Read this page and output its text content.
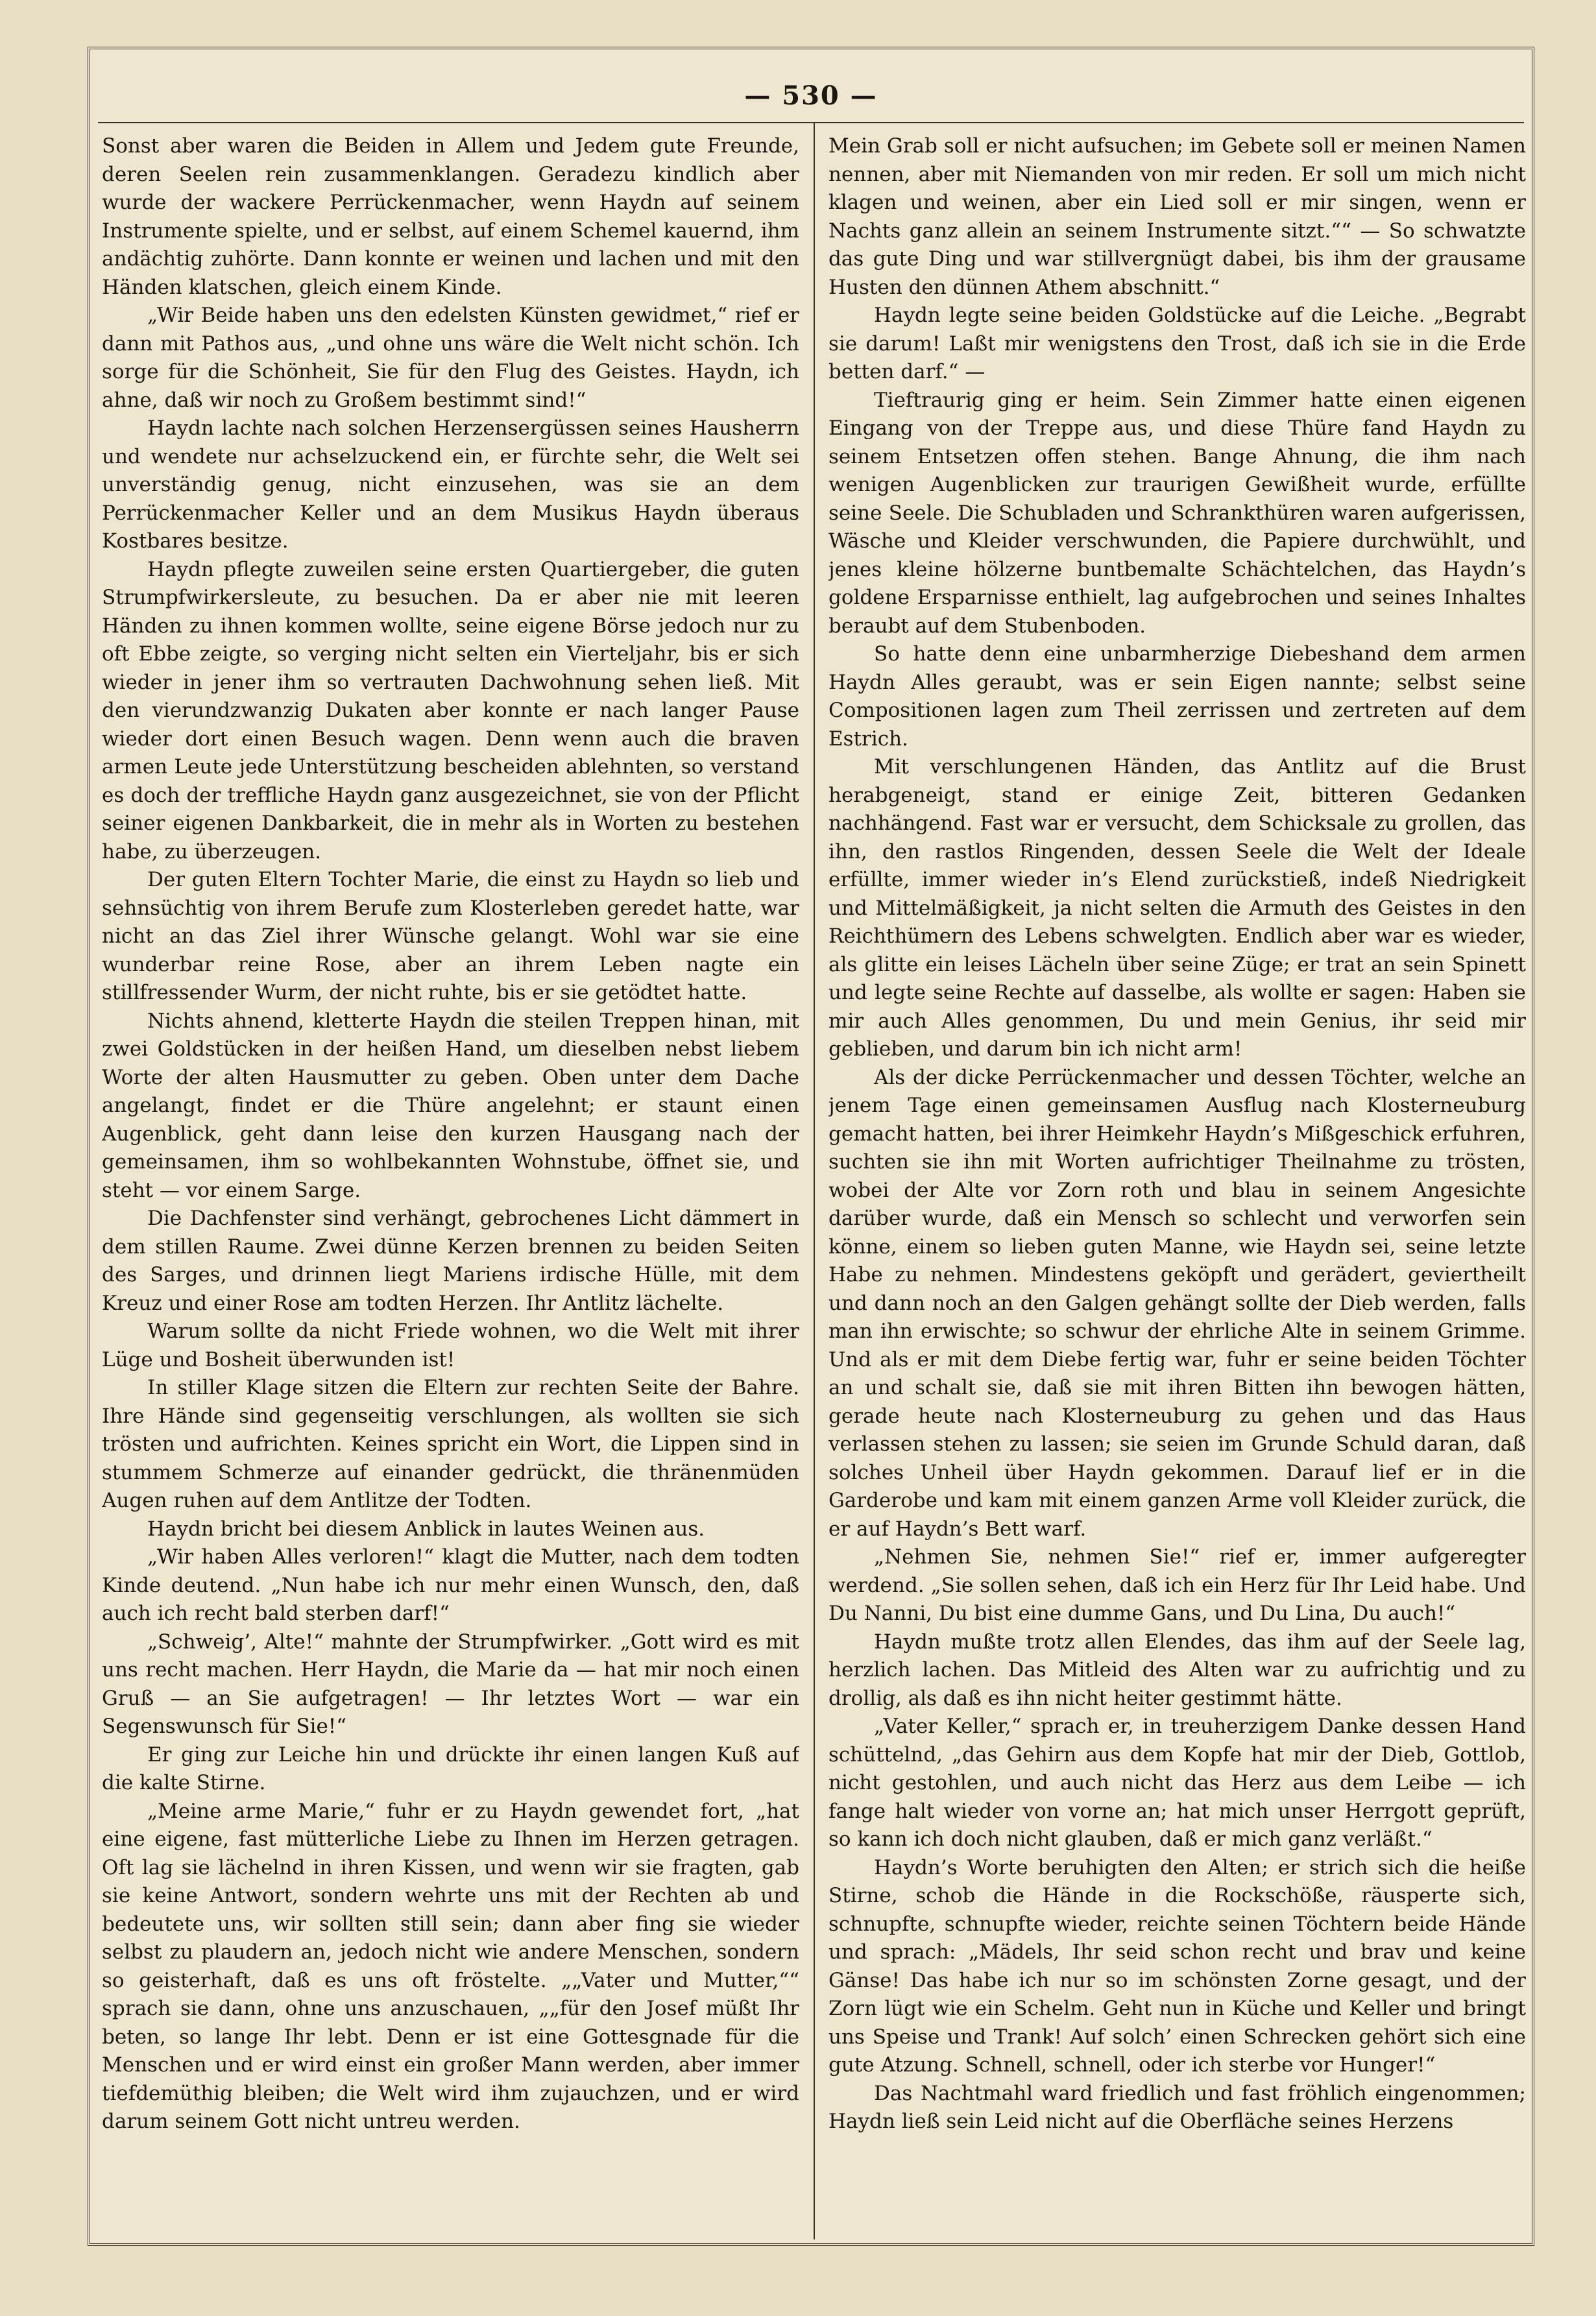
— 530 —

Sonst aber waren die Beiden in Allem und Jedem gute Freunde, deren Seelen rein zusammenklangen. Geradezu kindlich aber wurde der wackere Perrückenmacher, wenn Haydn auf seinem Instrumente spielte, und er selbst, auf einem Schemel kauernd, ihm andächtig zuhörte. Dann konnte er weinen und lachen und mit den Händen klatschen, gleich einem Kinde.

„Wir Beide haben uns den edelsten Künsten gewidmet,“ rief er dann mit Pathos aus, „und ohne uns wäre die Welt nicht schön. Ich sorge für die Schönheit, Sie für den Flug des Geistes. Haydn, ich ahne, daß wir noch zu Großem bestimmt sind!“

Haydn lachte nach solchen Herzensergüssen seines Hausherrn und wendete nur achselzuckend ein, er fürchte sehr, die Welt sei unverständig genug, nicht einzusehen, was sie an dem Perrückenmacher Keller und an dem Musikus Haydn überaus Kostbares besitze.

Haydn pflegte zuweilen seine ersten Quartiergeber, die guten Strumpfwirkersleute, zu besuchen. Da er aber nie mit leeren Händen zu ihnen kommen wollte, seine eigene Börse jedoch nur zu oft Ebbe zeigte, so verging nicht selten ein Vierteljahr, bis er sich wieder in jener ihm so vertrauten Dachwohnung sehen ließ. Mit den vierundzwanzig Dukaten aber konnte er nach langer Pause wieder dort einen Besuch wagen. Denn wenn auch die braven armen Leute jede Unterstützung bescheiden ablehnten, so verstand es doch der treffliche Haydn ganz ausgezeichnet, sie von der Pflicht seiner eigenen Dankbarkeit, die in mehr als in Worten zu bestehen habe, zu überzeugen.

Der guten Eltern Tochter Marie, die einst zu Haydn so lieb und sehnsüchtig von ihrem Berufe zum Klosterleben geredet hatte, war nicht an das Ziel ihrer Wünsche gelangt. Wohl war sie eine wunderbar reine Rose, aber an ihrem Leben nagte ein stillfressender Wurm, der nicht ruhte, bis er sie getödtet hatte.

Nichts ahnend, kletterte Haydn die steilen Treppen hinan, mit zwei Goldstücken in der heißen Hand, um dieselben nebst liebem Worte der alten Hausmutter zu geben. Oben unter dem Dache angelangt, findet er die Thüre angelehnt; er staunt einen Augenblick, geht dann leise den kurzen Hausgang nach der gemeinsamen, ihm so wohlbekannten Wohnstube, öffnet sie, und steht — vor einem Sarge.

Die Dachfenster sind verhängt, gebrochenes Licht dämmert in dem stillen Raume. Zwei dünne Kerzen brennen zu beiden Seiten des Sarges, und drinnen liegt Mariens irdische Hülle, mit dem Kreuz und einer Rose am todten Herzen. Ihr Antlitz lächelte.

Warum sollte da nicht Friede wohnen, wo die Welt mit ihrer Lüge und Bosheit überwunden ist!

In stiller Klage sitzen die Eltern zur rechten Seite der Bahre. Ihre Hände sind gegenseitig verschlungen, als wollten sie sich trösten und aufrichten. Keines spricht ein Wort, die Lippen sind in stummem Schmerze auf einander gedrückt, die thränenmüden Augen ruhen auf dem Antlitze der Todten.

Haydn bricht bei diesem Anblick in lautes Weinen aus.

„Wir haben Alles verloren!“ klagt die Mutter, nach dem todten Kinde deutend. „Nun habe ich nur mehr einen Wunsch, den, daß auch ich recht bald sterben darf!“

„Schweig’, Alte!“ mahnte der Strumpfwirker. „Gott wird es mit uns recht machen. Herr Haydn, die Marie da — hat mir noch einen Gruß — an Sie aufgetragen! — Ihr letztes Wort — war ein Segenswunsch für Sie!“

Er ging zur Leiche hin und drückte ihr einen langen Kuß auf die kalte Stirne.

„Meine arme Marie,“ fuhr er zu Haydn gewendet fort, „hat eine eigene, fast mütterliche Liebe zu Ihnen im Herzen getragen. Oft lag sie lächelnd in ihren Kissen, und wenn wir sie fragten, gab sie keine Antwort, sondern wehrte uns mit der Rechten ab und bedeutete uns, wir sollten still sein; dann aber fing sie wieder selbst zu plaudern an, jedoch nicht wie andere Menschen, sondern so geisterhaft, daß es uns oft fröstelte. „„Vater und Mutter,““ sprach sie dann, ohne uns anzuschauen, „„für den Josef müßt Ihr beten, so lange Ihr lebt. Denn er ist eine Gottesgnade für die Menschen und er wird einst ein großer Mann werden, aber immer tiefdemüthig bleiben; die Welt wird ihm zujauchzen, und er wird darum seinem Gott nicht untreu werden.

Mein Grab soll er nicht aufsuchen; im Gebete soll er meinen Namen nennen, aber mit Niemanden von mir reden. Er soll um mich nicht klagen und weinen, aber ein Lied soll er mir singen, wenn er Nachts ganz allein an seinem Instrumente sitzt.““ — So schwatzte das gute Ding und war stillvergnügt dabei, bis ihm der grausame Husten den dünnen Athem abschnitt.“

Haydn legte seine beiden Goldstücke auf die Leiche. „Begrabt sie darum! Laßt mir wenigstens den Trost, daß ich sie in die Erde betten darf.“ —

Tieftraurig ging er heim. Sein Zimmer hatte einen eigenen Eingang von der Treppe aus, und diese Thüre fand Haydn zu seinem Entsetzen offen stehen. Bange Ahnung, die ihm nach wenigen Augenblicken zur traurigen Gewißheit wurde, erfüllte seine Seele. Die Schubladen und Schrankthüren waren aufgerissen, Wäsche und Kleider verschwunden, die Papiere durchwühlt, und jenes kleine hölzerne buntbemalte Schächtelchen, das Haydn’s goldene Ersparnisse enthielt, lag aufgebrochen und seines Inhaltes beraubt auf dem Stubenboden.

So hatte denn eine unbarmherzige Diebeshand dem armen Haydn Alles geraubt, was er sein Eigen nannte; selbst seine Compositionen lagen zum Theil zerrissen und zertreten auf dem Estrich.

Mit verschlungenen Händen, das Antlitz auf die Brust herabgeneigt, stand er einige Zeit, bitteren Gedanken nachhängend. Fast war er versucht, dem Schicksale zu grollen, das ihn, den rastlos Ringenden, dessen Seele die Welt der Ideale erfüllte, immer wieder in’s Elend zurückstieß, indeß Niedrigkeit und Mittelmäßigkeit, ja nicht selten die Armuth des Geistes in den Reichthümern des Lebens schwelgten. Endlich aber war es wieder, als glitte ein leises Lächeln über seine Züge; er trat an sein Spinett und legte seine Rechte auf dasselbe, als wollte er sagen: Haben sie mir auch Alles genommen, Du und mein Genius, ihr seid mir geblieben, und darum bin ich nicht arm!

Als der dicke Perrückenmacher und dessen Töchter, welche an jenem Tage einen gemeinsamen Ausflug nach Klosterneuburg gemacht hatten, bei ihrer Heimkehr Haydn’s Mißgeschick erfuhren, suchten sie ihn mit Worten aufrichtiger Theilnahme zu trösten, wobei der Alte vor Zorn roth und blau in seinem Angesichte darüber wurde, daß ein Mensch so schlecht und verworfen sein könne, einem so lieben guten Manne, wie Haydn sei, seine letzte Habe zu nehmen. Mindestens geköpft und gerädert, geviertheilt und dann noch an den Galgen gehängt sollte der Dieb werden, falls man ihn erwischte; so schwur der ehrliche Alte in seinem Grimme. Und als er mit dem Diebe fertig war, fuhr er seine beiden Töchter an und schalt sie, daß sie mit ihren Bitten ihn bewogen hätten, gerade heute nach Klosterneuburg zu gehen und das Haus verlassen stehen zu lassen; sie seien im Grunde Schuld daran, daß solches Unheil über Haydn gekommen. Darauf lief er in die Garderobe und kam mit einem ganzen Arme voll Kleider zurück, die er auf Haydn’s Bett warf.

„Nehmen Sie, nehmen Sie!“ rief er, immer aufgeregter werdend. „Sie sollen sehen, daß ich ein Herz für Ihr Leid habe. Und Du Nanni, Du bist eine dumme Gans, und Du Lina, Du auch!“

Haydn mußte trotz allen Elendes, das ihm auf der Seele lag, herzlich lachen. Das Mitleid des Alten war zu aufrichtig und zu drollig, als daß es ihn nicht heiter gestimmt hätte.

„Vater Keller,“ sprach er, in treuherzigem Danke dessen Hand schüttelnd, „das Gehirn aus dem Kopfe hat mir der Dieb, Gottlob, nicht gestohlen, und auch nicht das Herz aus dem Leibe — ich fange halt wieder von vorne an; hat mich unser Herrgott geprüft, so kann ich doch nicht glauben, daß er mich ganz verläßt.“

Haydn’s Worte beruhigten den Alten; er strich sich die heiße Stirne, schob die Hände in die Rockschöße, räusperte sich, schnupfte, schnupfte wieder, reichte seinen Töchtern beide Hände und sprach: „Mädels, Ihr seid schon recht und brav und keine Gänse! Das habe ich nur so im schönsten Zorne gesagt, und der Zorn lügt wie ein Schelm. Geht nun in Küche und Keller und bringt uns Speise und Trank! Auf solch’ einen Schrecken gehört sich eine gute Atzung. Schnell, schnell, oder ich sterbe vor Hunger!“

Das Nachtmahl ward friedlich und fast fröhlich eingenommen; Haydn ließ sein Leid nicht auf die Oberfläche seines Herzens
